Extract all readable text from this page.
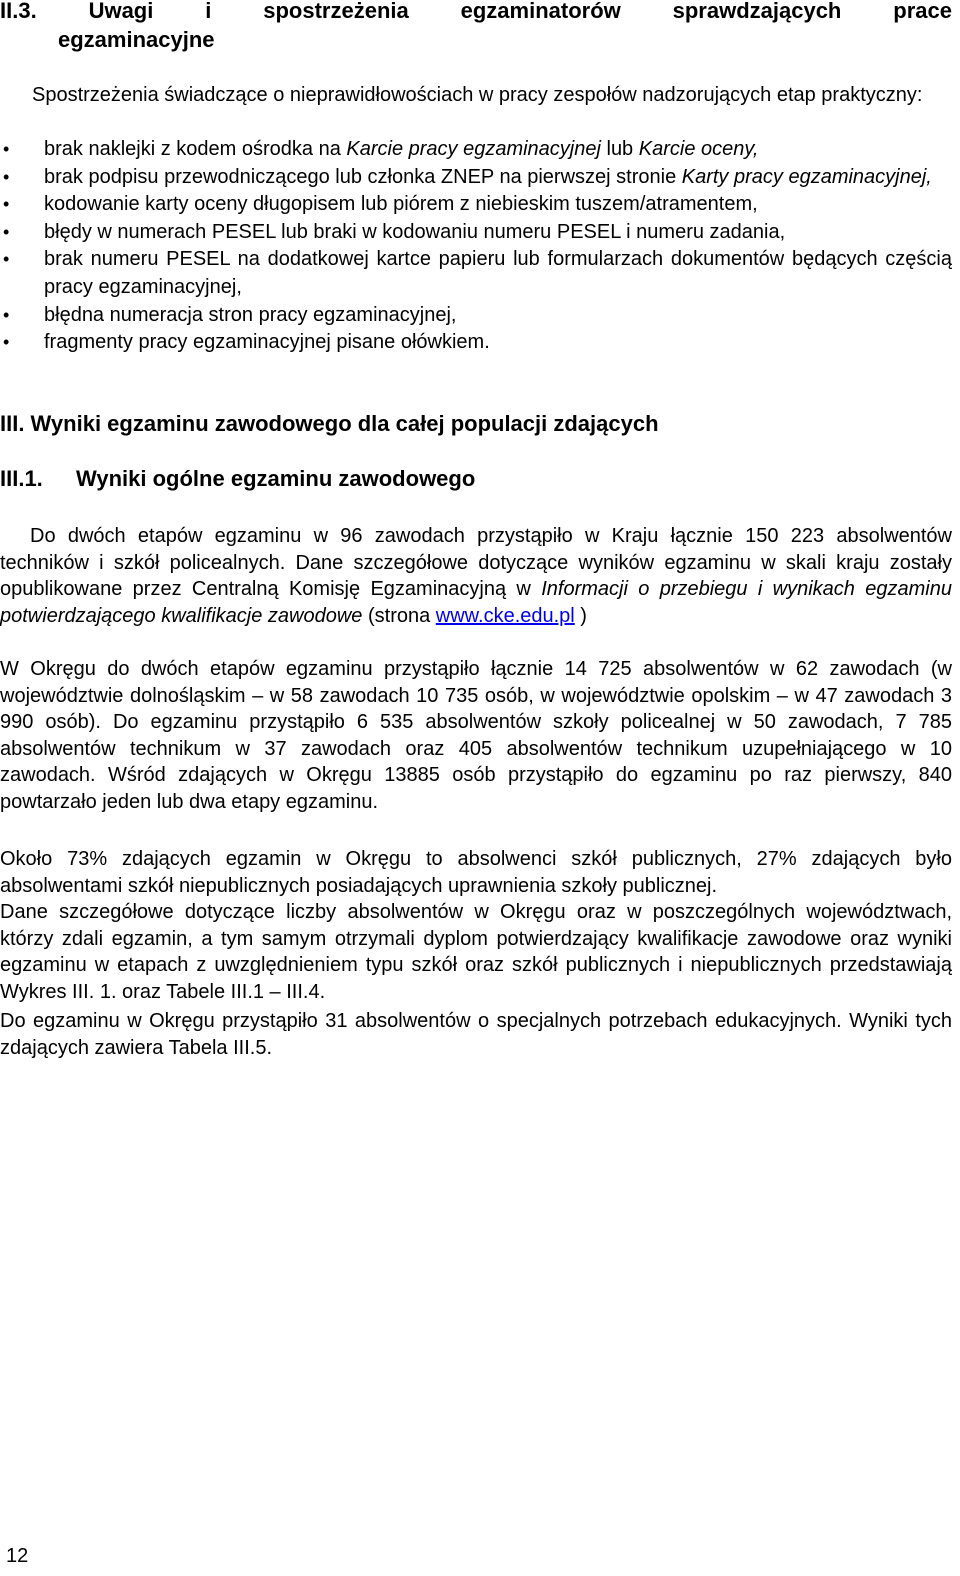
II.3. Uwagi i spostrzeżenia egzaminatorów sprawdzających prace
egzaminacyjne
Spostrzeżenia świadczące o nieprawidłowościach w pracy zespołów nadzorujących etap praktyczny:
• brak naklejki z kodem ośrodka na Karcie pracy egzaminacyjnej lub Karcie oceny,
• brak podpisu przewodniczącego lub członka ZNEP na pierwszej stronie Karty pracy egzaminacyjnej,
• kodowanie karty oceny długopisem lub piórem z niebieskim tuszem/atramentem,
• błędy w numerach PESEL lub braki w kodowaniu numeru PESEL i numeru zadania,
• brak numeru PESEL na dodatkowej kartce papieru lub formularzach dokumentów będących częścią pracy egzaminacyjnej,
• błędna numeracja stron pracy egzaminacyjnej,
• fragmenty pracy egzaminacyjnej pisane ołówkiem.
III. Wyniki egzaminu zawodowego dla całej populacji zdających
III.1. Wyniki ogólne egzaminu zawodowego
Do dwóch etapów egzaminu w 96 zawodach przystąpiło w Kraju łącznie 150 223 absolwentów techników i szkół policealnych. Dane szczegółowe dotyczące wyników egzaminu w skali kraju zostały opublikowane przez Centralną Komisję Egzaminacyjną w Informacji o przebiegu i wynikach egzaminu potwierdzającego kwalifikacje zawodowe (strona www.cke.edu.pl )
W Okręgu do dwóch etapów egzaminu przystąpiło łącznie 14 725 absolwentów w 62 zawodach (w województwie dolnośląskim – w 58 zawodach 10 735 osób, w województwie opolskim – w 47 zawodach 3 990 osób). Do egzaminu przystąpiło 6 535 absolwentów szkoły policealnej w 50 zawodach, 7 785 absolwentów technikum w 37 zawodach oraz 405 absolwentów technikum uzupełniającego w 10 zawodach. Wśród zdających w Okręgu 13885 osób przystąpiło do egzaminu po raz pierwszy, 840 powtarzało jeden lub dwa etapy egzaminu.
Około 73% zdających egzamin w Okręgu to absolwenci szkół publicznych, 27% zdających było absolwentami szkół niepublicznych posiadających uprawnienia szkoły publicznej.
Dane szczegółowe dotyczące liczby absolwentów w Okręgu oraz w poszczególnych województwach, którzy zdali egzamin, a tym samym otrzymali dyplom potwierdzający kwalifikacje zawodowe oraz wyniki egzaminu w etapach z uwzględnieniem typu szkół oraz szkół publicznych i niepublicznych przedstawiają Wykres III. 1. oraz Tabele III.1 – III.4.
Do egzaminu w Okręgu przystąpiło 31 absolwentów o specjalnych potrzebach edukacyjnych. Wyniki tych zdających zawiera Tabela III.5.
12
